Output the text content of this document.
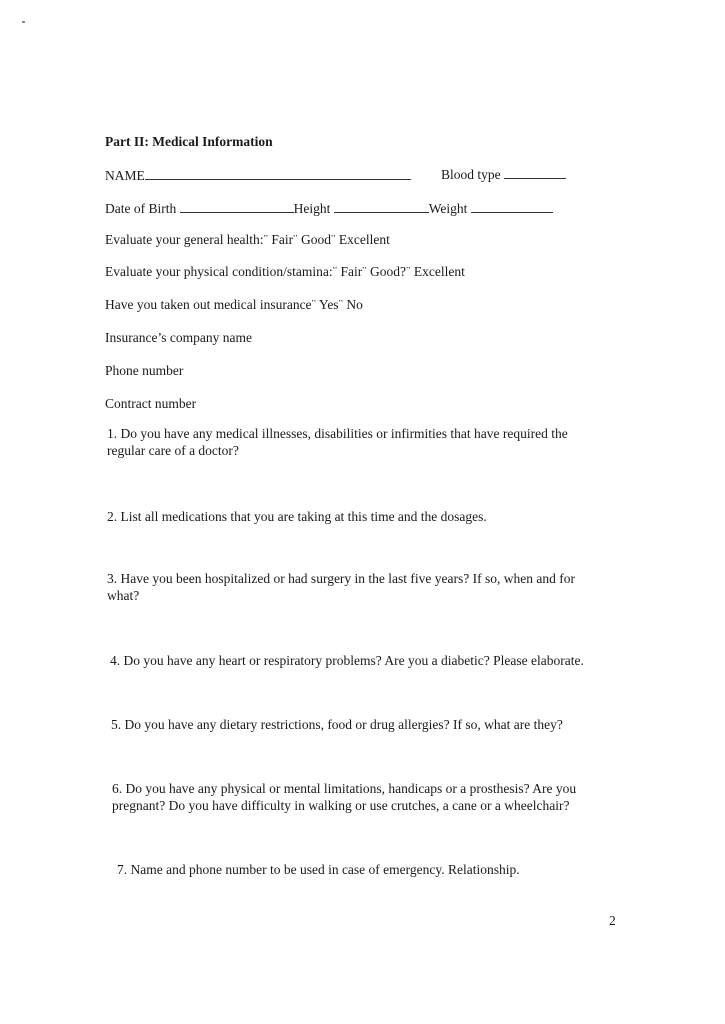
Part II: Medical Information
NAME	Blood type
Date of Birth	Height	Weight
Evaluate your general health:¨ Fair¨ Good¨ Excellent
Evaluate your physical condition/stamina:¨ Fair¨ Good?¨ Excellent
Have you taken out medical insurance¨ Yes¨ No
Insurance’s company name
Phone number
Contract number
1. Do you have any medical illnesses, disabilities or infirmities that have required the regular care of a doctor?
2. List all medications that you are taking at this time and the dosages.
3. Have you been hospitalized or had surgery in the last five years? If so, when and for what?
4. Do you have any heart or respiratory problems? Are you a diabetic? Please elaborate.
5. Do you have any dietary restrictions, food or drug allergies? If so, what are they?
6. Do you have any physical or mental limitations, handicaps or a prosthesis? Are you pregnant? Do you have difficulty in walking or use crutches, a cane or a wheelchair?
7. Name and phone number to be used in case of emergency. Relationship.
2
